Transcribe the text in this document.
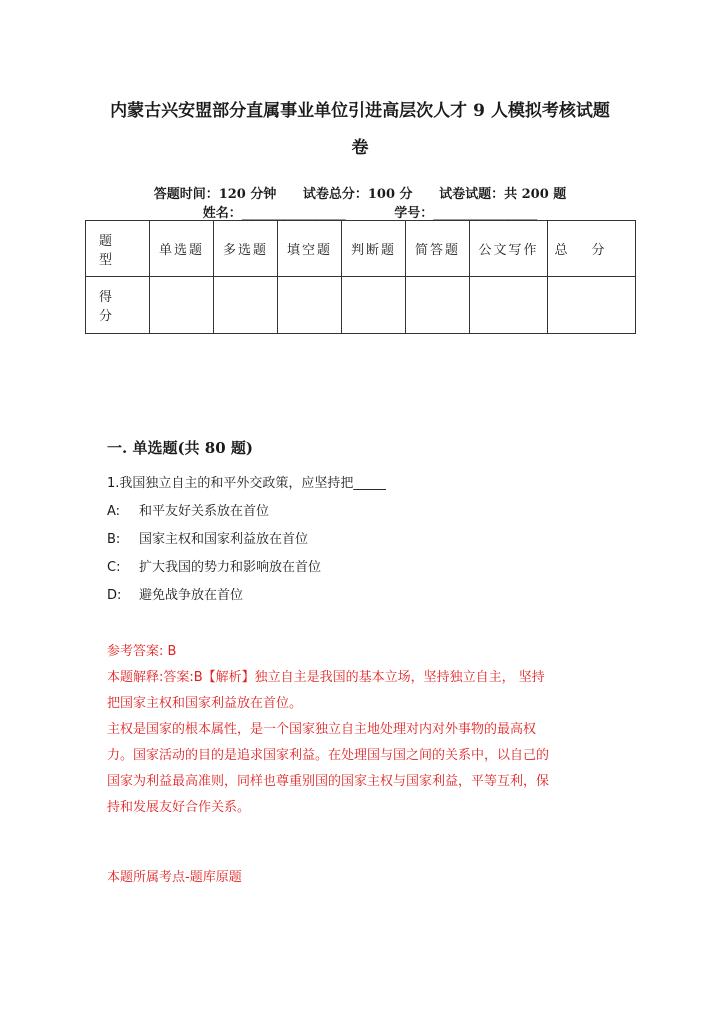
内蒙古兴安盟部分直属事业单位引进高层次人才 9 人模拟考核试题
卷
答题时间：120 分钟 试卷总分：100 分 试卷试题：共 200 题
姓名：________________	学号：________________
题型	单选题	多选题	填空题	判断题	简答题	公文写作	总分
得分							
一. 单选题(共 80 题)
1.我国独立自主的和平外交政策，应坚持把_____
A: 和平友好关系放在首位
B: 国家主权和国家利益放在首位
C: 扩大我国的势力和影响放在首位
D: 避免战争放在首位
参考答案: B

本题解释:答案:B【解析】独立自主是我国的基本立场，坚持独立自主， 坚持

把国家主权和国家利益放在首位。

主权是国家的根本属性，是一个国家独立自主地处理对内对外事物的最高权

力。国家活动的目的是追求国家利益。在处理国与国之间的关系中，以自己的

国家为利益最高准则，同样也尊重别国的国家主权与国家利益，平等互利，保

持和发展友好合作关系。

本题所属考点-题库原题
